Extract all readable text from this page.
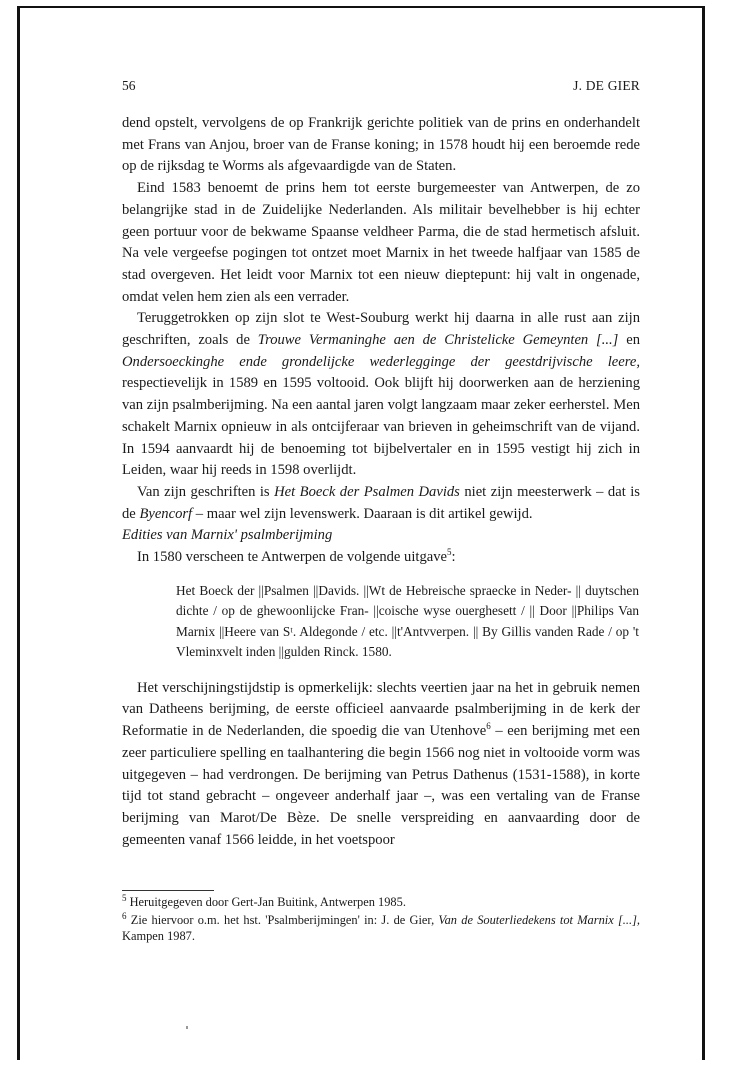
56	J. DE GIER

dend opstelt, vervolgens de op Frankrijk gerichte politiek van de prins en onderhandelt met Frans van Anjou, broer van de Franse koning; in 1578 houdt hij een beroemde rede op de rijksdag te Worms als afgevaardigde van de Staten.

Eind 1583 benoemt de prins hem tot eerste burgemeester van Antwerpen, de zo belangrijke stad in de Zuidelijke Nederlanden. Als militair bevelhebber is hij echter geen portuur voor de bekwame Spaanse veldheer Parma, die de stad hermetisch afsluit. Na vele vergeefse pogingen tot ontzet moet Marnix in het tweede halfjaar van 1585 de stad overgeven. Het leidt voor Marnix tot een nieuw dieptepunt: hij valt in ongenade, omdat velen hem zien als een verrader.

Teruggetrokken op zijn slot te West-Souburg werkt hij daarna in alle rust aan zijn geschriften, zoals de Trouwe Vermaninghe aen de Christelicke Gemeynten [...] en Ondersoeckinghe ende grondelijcke wederlegginge der geestdrijvische leere, respectievelijk in 1589 en 1595 voltooid. Ook blijft hij doorwerken aan de herziening van zijn psalmberijming. Na een aantal jaren volgt langzaam maar zeker eerherstel. Men schakelt Marnix opnieuw in als ontcijferaar van brieven in geheimschrift van de vijand. In 1594 aanvaardt hij de benoeming tot bijbelvertaler en in 1595 vestigt hij zich in Leiden, waar hij reeds in 1598 overlijdt.

Van zijn geschriften is Het Boeck der Psalmen Davids niet zijn meesterwerk – dat is de Byencorf – maar wel zijn levenswerk. Daaraan is dit artikel gewijd.

Edities van Marnix' psalmberijming

In 1580 verscheen te Antwerpen de volgende uitgave$^5$:

Het Boeck der ||Psalmen ||Davids. ||Wt de Hebreische spraecke in Neder- || duytschen dichte / op de ghewoonlijcke Fran- ||coische wyse ouerghesett / || Door ||Philips Van Marnix ||Heere van Sᵗ. Aldegonde / etc. ||t'Antvverpen. || By Gillis vanden Rade / op 't Vleminxvelt inden ||gulden Rinck. 1580.

Het verschijningstijdstip is opmerkelijk: slechts veertien jaar na het in gebruik nemen van Datheens berijming, de eerste officieel aanvaarde psalmberijming in de kerk der Reformatie in de Nederlanden, die spoedig die van Utenhove$^6$ – een berijming met een zeer particuliere spelling en taalhantering die begin 1566 nog niet in voltooide vorm was uitgegeven – had verdrongen. De berijming van Petrus Dathenus (1531-1588), in korte tijd tot stand gebracht – ongeveer anderhalf jaar –, was een vertaling van de Franse berijming van Marot/De Bèze. De snelle verspreiding en aanvaarding door de gemeenten vanaf 1566 leidde, in het voetspoor

$^5$ Heruitgegeven door Gert-Jan Buitink, Antwerpen 1985.

$^6$ Zie hiervoor o.m. het hst. 'Psalmberijmingen' in: J. de Gier, Van de Souterliedekens tot Marnix [...], Kampen 1987.
